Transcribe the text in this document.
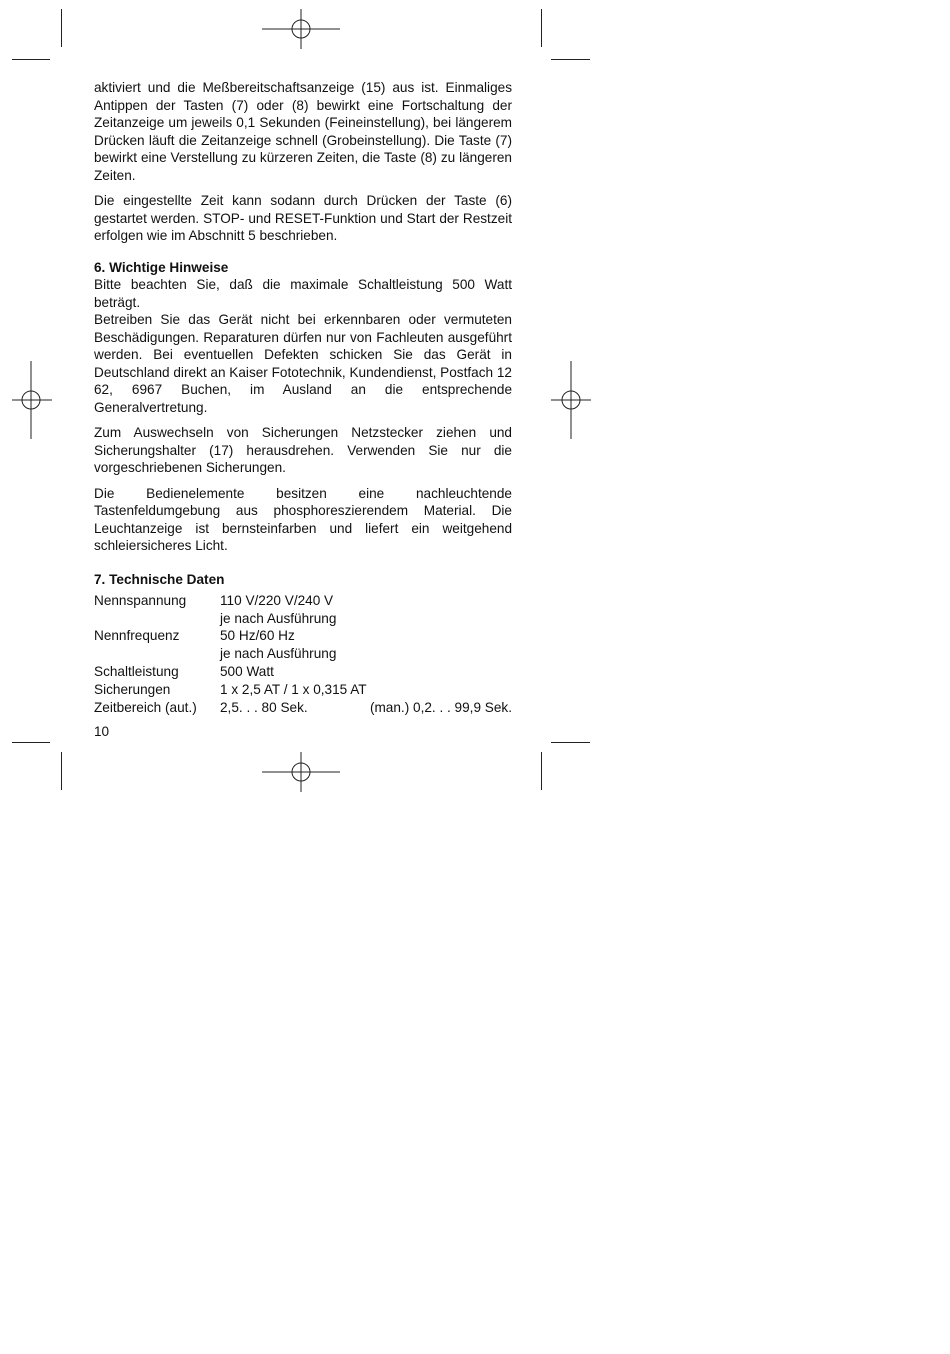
aktiviert und die Meßbereitschaftsanzeige (15) aus ist. Einmaliges Antippen der Tasten (7) oder (8) bewirkt eine Fortschaltung der Zeitanzeige um jeweils 0,1 Sekunden (Feineinstellung), bei längerem Drücken läuft die Zeitanzeige schnell (Grobeinstellung). Die Taste (7) bewirkt eine Verstellung zu kürzeren Zeiten, die Taste (8) zu längeren Zeiten.

Die eingestellte Zeit kann sodann durch Drücken der Taste (6) gestartet werden. STOP- und RESET-Funktion und Start der Restzeit erfolgen wie im Abschnitt 5 beschrieben.

6. Wichtige Hinweise

Bitte beachten Sie, daß die maximale Schaltleistung 500 Watt beträgt.

Betreiben Sie das Gerät nicht bei erkennbaren oder vermuteten Beschädigungen. Reparaturen dürfen nur von Fachleuten ausgeführt werden. Bei eventuellen Defekten schicken Sie das Gerät in Deutschland direkt an Kaiser Fototechnik, Kundendienst, Postfach 12 62, 6967 Buchen, im Ausland an die entsprechende Generalvertretung.

Zum Auswechseln von Sicherungen Netzstecker ziehen und Sicherungshalter (17) herausdrehen. Verwenden Sie nur die vorgeschriebenen Sicherungen.

Die Bedienelemente besitzen eine nachleuchtende Tastenfeldumgebung aus phosphoreszierendem Material. Die Leuchtanzeige ist bernsteinfarben und liefert ein weitgehend schleiersicheres Licht.

7. Technische Daten
Nennspannung	110 V/220 V/240 V	
	je nach Ausführung	
Nennfrequenz	50 Hz/60 Hz	
	je nach Ausführung	
Schaltleistung	500 Watt	
Sicherungen	1 x 2,5 AT / 1 x 0,315 AT	
Zeitbereich (aut.)	2,5. . . 80 Sek.	(man.) 0,2. . . 99,9 Sek.
10
